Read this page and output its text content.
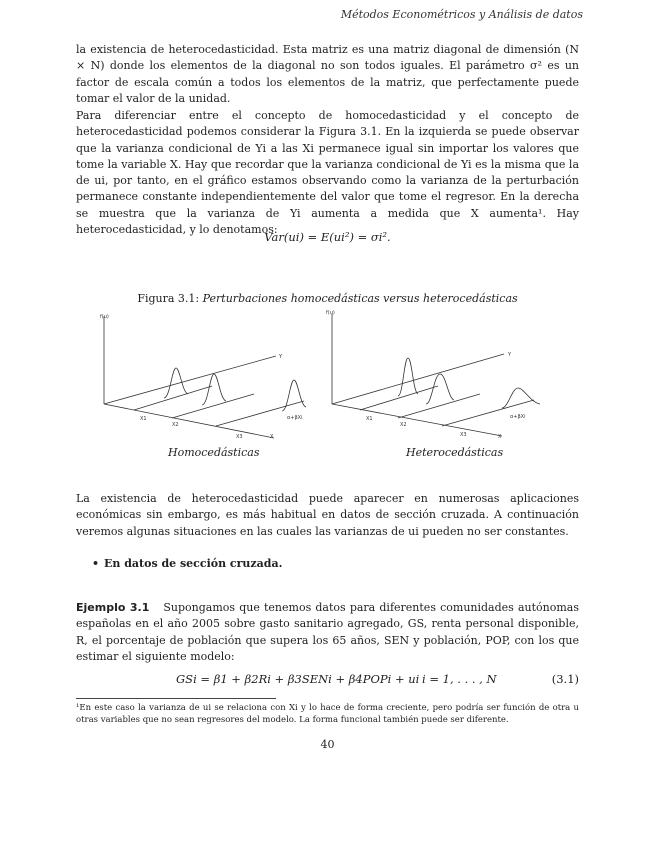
Métodos Econométricos y Análisis de datos

la existencia de heterocedasticidad. Esta matriz es una matriz diagonal de dimensión (N × N) donde los elementos de la diagonal no son todos iguales. El parámetro σ² es un factor de escala común a todos los elementos de la matriz, que perfectamente puede tomar el valor de la unidad.

Para diferenciar entre el concepto de homocedasticidad y el concepto de heterocedasticidad podemos considerar la Figura 3.1. En la izquierda se puede observar que la varianza condicional de Yi a las Xi permanece igual sin importar los valores que tome la variable X. Hay que recordar que la varianza condicional de Yi es la misma que la de ui, por tanto, en el gráfico estamos observando como la varianza de la perturbación permanece constante independientemente del valor que tome el regresor. En la derecha se muestra que la varianza de Yi aumenta a medida que X aumenta¹. Hay heterocedasticidad, y lo denotamos:

Var(ui) = E(ui²) = σi².
Figura 3.1: Perturbaciones homocedásticas versus heterocedásticas
f(u)
Y
X
X1
X2
X3
α+βXi
f(u)
Y
X
X1
X2
X3
α+βXi
Homocedásticas	Heterocedásticas

La existencia de heterocedasticidad puede aparecer en numerosas aplicaciones económicas sin embargo, es más habitual en datos de sección cruzada. A continuación veremos algunas situaciones en las cuales las varianzas de ui pueden no ser constantes.

• En datos de sección cruzada.

Ejemplo 3.1 Supongamos que tenemos datos para diferentes comunidades autónomas españolas en el año 2005 sobre gasto sanitario agregado, GS, renta personal disponible, R, el porcentaje de población que supera los 65 años, SEN y población, POP, con los que estimar el siguiente modelo:

GSi = β1 + β2Ri + β3SENi + β4POPi + ui i = 1, . . . , N	(3.1)

¹En este caso la varianza de ui se relaciona con Xi y lo hace de forma creciente, pero podría ser función de otra u otras variables que no sean regresores del modelo. La forma funcional también puede ser diferente.

40
